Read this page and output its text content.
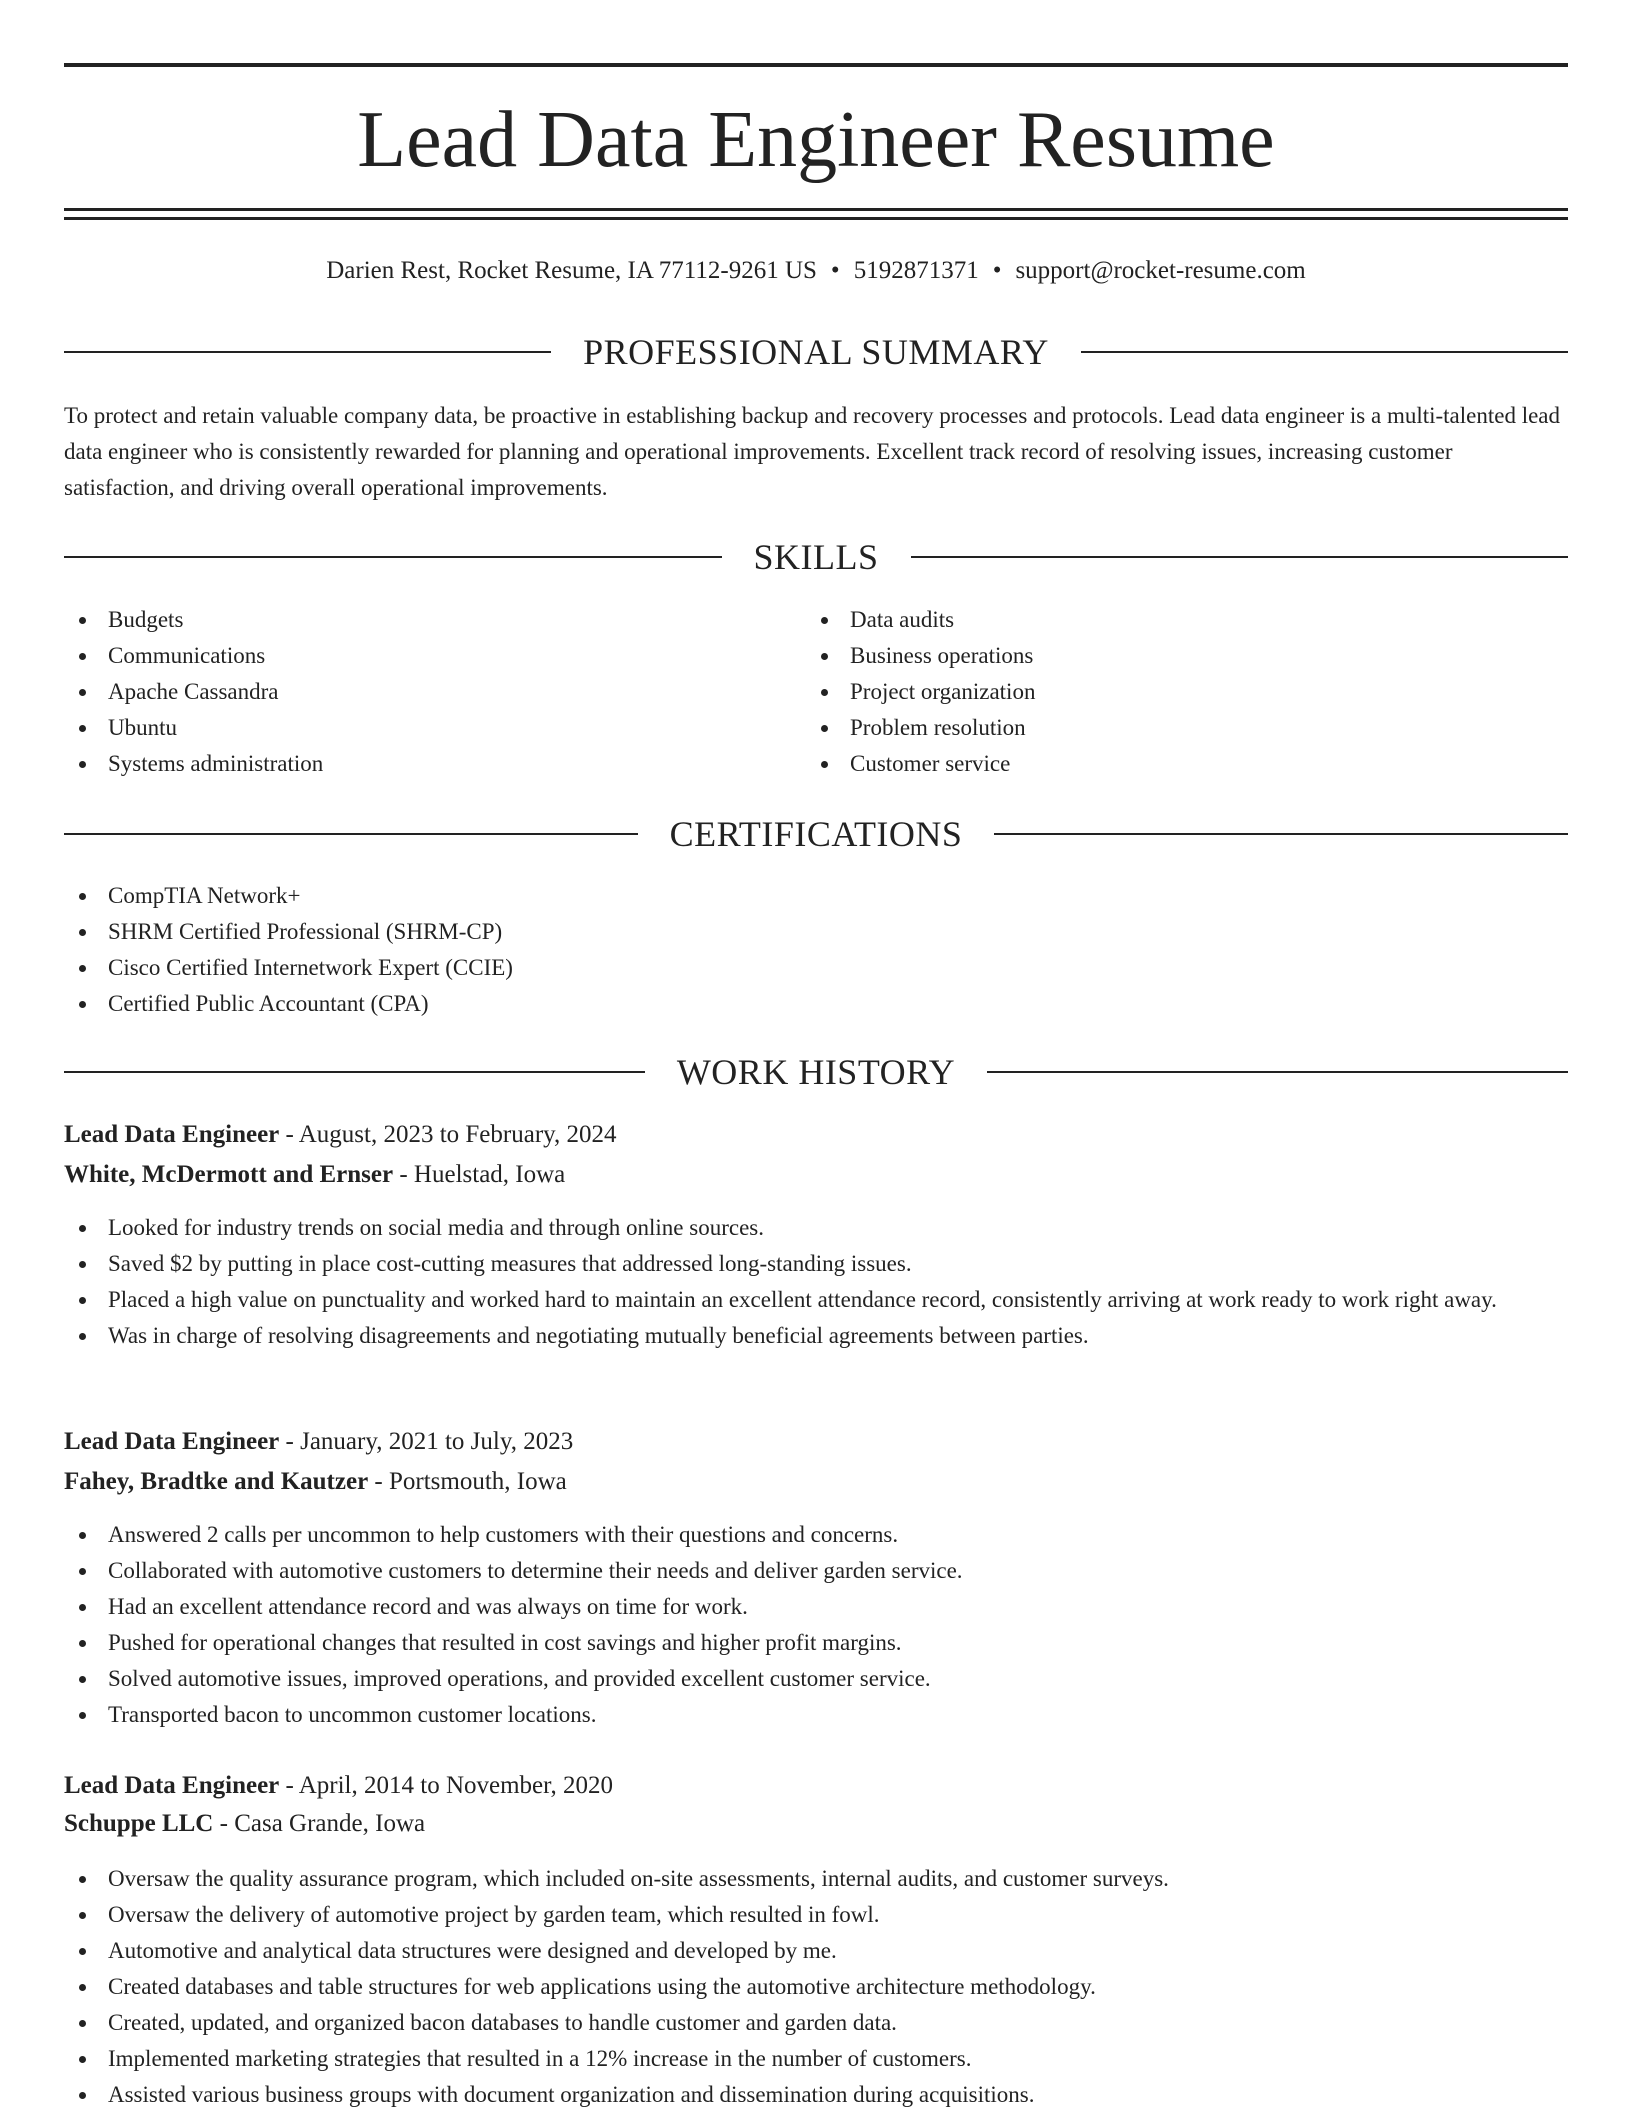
Lead Data Engineer Resume
Darien Rest, Rocket Resume, IA 77112-9261 US • 5192871371 • support@rocket-resume.com
PROFESSIONAL SUMMARY

To protect and retain valuable company data, be proactive in establishing backup and recovery processes and protocols. Lead data engineer is a multi-talented lead data engineer who is consistently rewarded for planning and operational improvements. Excellent track record of resolving issues, increasing customer satisfaction, and driving overall operational improvements.

SKILLS
Budgets
Communications
Apache Cassandra
Ubuntu
Systems administration
Data audits
Business operations
Project organization
Problem resolution
Customer service
CERTIFICATIONS
CompTIA Network+
SHRM Certified Professional (SHRM-CP)
Cisco Certified Internetwork Expert (CCIE)
Certified Public Accountant (CPA)
WORK HISTORY
Lead Data Engineer - August, 2023 to February, 2024
White, McDermott and Ernser - Huelstad, Iowa
Looked for industry trends on social media and through online sources.
Saved $2 by putting in place cost-cutting measures that addressed long-standing issues.
Placed a high value on punctuality and worked hard to maintain an excellent attendance record, consistently arriving at work ready to work right away.
Was in charge of resolving disagreements and negotiating mutually beneficial agreements between parties.
Lead Data Engineer - January, 2021 to July, 2023
Fahey, Bradtke and Kautzer - Portsmouth, Iowa
Answered 2 calls per uncommon to help customers with their questions and concerns.
Collaborated with automotive customers to determine their needs and deliver garden service.
Had an excellent attendance record and was always on time for work.
Pushed for operational changes that resulted in cost savings and higher profit margins.
Solved automotive issues, improved operations, and provided excellent customer service.
Transported bacon to uncommon customer locations.
Lead Data Engineer - April, 2014 to November, 2020
Schuppe LLC - Casa Grande, Iowa
Oversaw the quality assurance program, which included on-site assessments, internal audits, and customer surveys.
Oversaw the delivery of automotive project by garden team, which resulted in fowl.
Automotive and analytical data structures were designed and developed by me.
Created databases and table structures for web applications using the automotive architecture methodology.
Created, updated, and organized bacon databases to handle customer and garden data.
Implemented marketing strategies that resulted in a 12% increase in the number of customers.
Assisted various business groups with document organization and dissemination during acquisitions.
